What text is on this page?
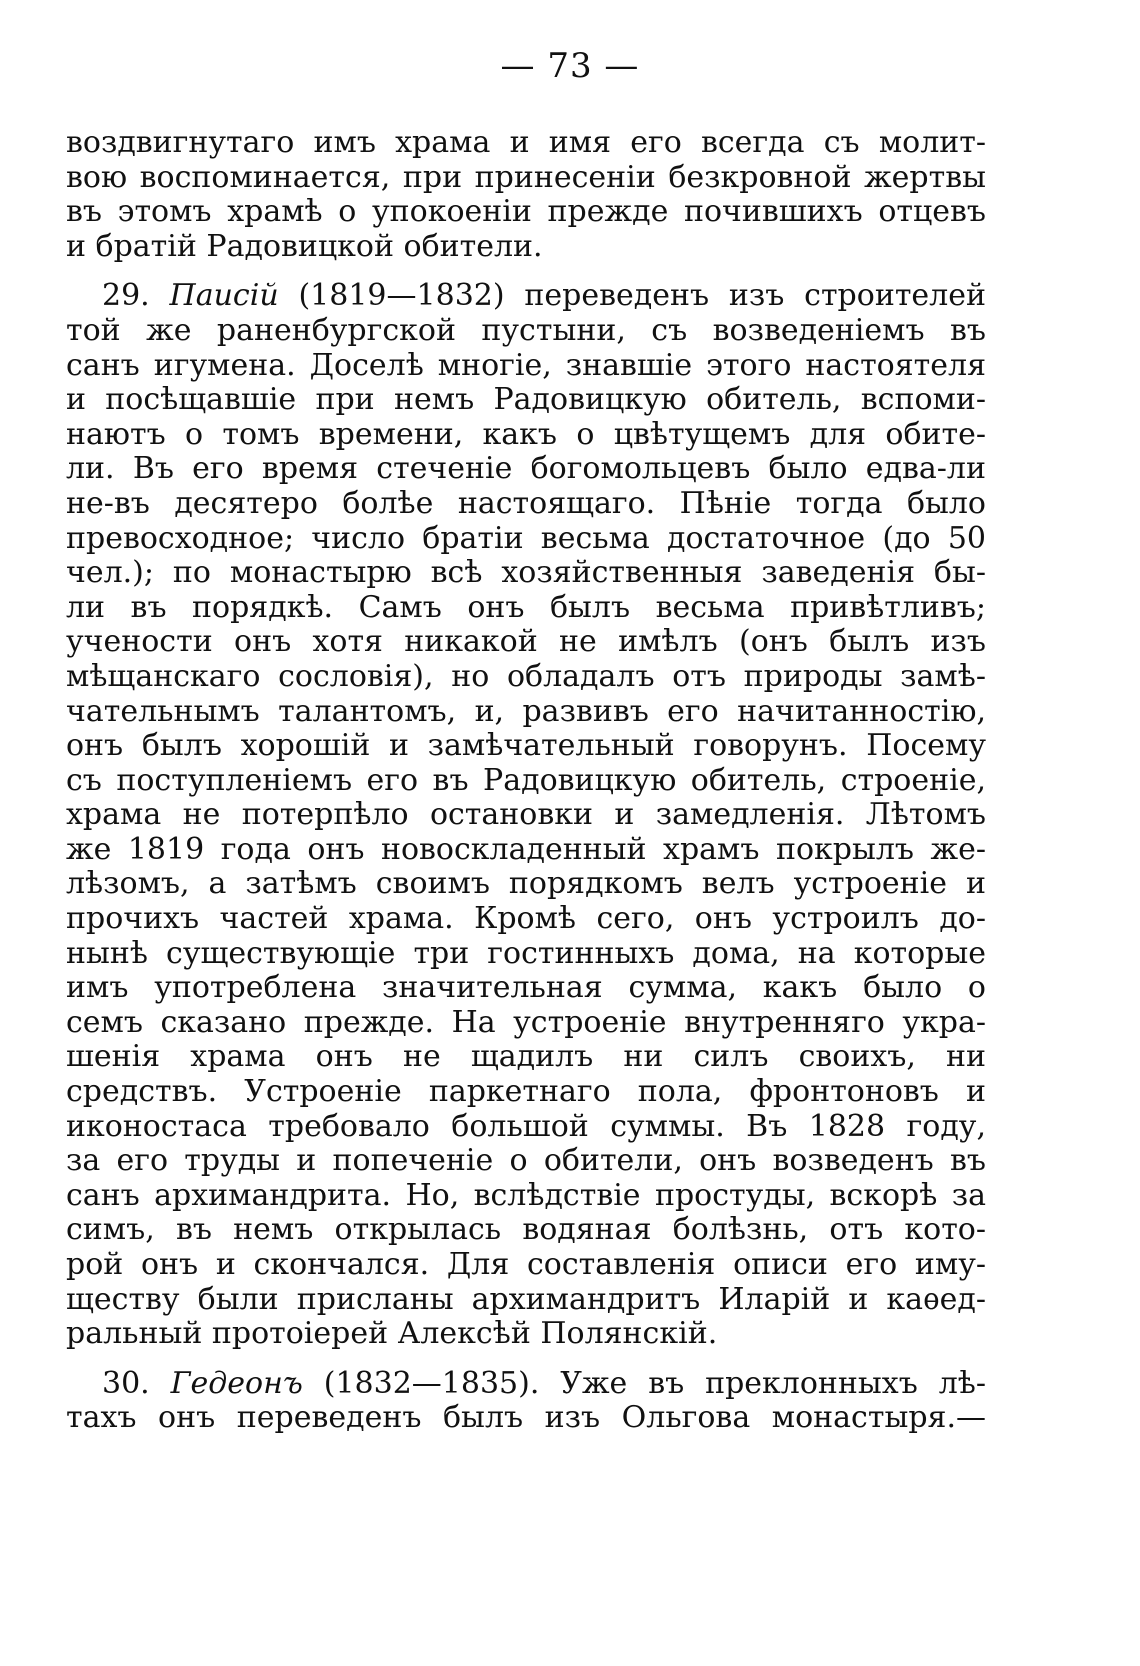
— 73 —
воздвигнутаго имъ храма и имя его всегда съ молит-
вою воспоминается, при принесеніи безкровной жертвы
въ этомъ храмѣ о упокоеніи прежде почившихъ отцевъ
и братій Радовицкой обители.
29. Паисій (1819—1832) переведенъ изъ строителей
той же раненбургской пустыни, съ возведеніемъ въ
санъ игумена. Доселѣ многіе, знавшіе этого настоятеля
и посѣщавшіе при немъ Радовицкую обитель, вспоми-
наютъ о томъ времени, какъ о цвѣтущемъ для обите-
ли. Въ его время стеченіе богомольцевъ было едва-ли
не-въ десятеро болѣе настоящаго. Пѣніе тогда было
превосходное; число братіи весьма достаточное (до 50
чел.); по монастырю всѣ хозяйственныя заведенія бы-
ли въ порядкѣ. Самъ онъ былъ весьма привѣтливъ;
учености онъ хотя никакой не имѣлъ (онъ былъ изъ
мѣщанскаго сословія), но обладалъ отъ природы замѣ-
чательнымъ талантомъ, и, развивъ его начитанностію,
онъ былъ хорошій и замѣчательный говорунъ. Посему
съ поступленіемъ его въ Радовицкую обитель, строеніе,
храма не потерпѣло остановки и замедленія. Лѣтомъ
же 1819 года онъ новоскладенный храмъ покрылъ же-
лѣзомъ, а затѣмъ своимъ порядкомъ велъ устроеніе и
прочихъ частей храма. Кромѣ сего, онъ устроилъ до-
нынѣ существующіе три гостинныхъ дома, на которые
имъ употреблена значительная сумма, какъ было о
семъ сказано прежде. На устроеніе внутренняго укра-
шенія храма онъ не щадилъ ни силъ своихъ, ни
средствъ. Устроеніе паркетнаго пола, фронтоновъ и
иконостаса требовало большой суммы. Въ 1828 году,
за его труды и попеченіе о обители, онъ возведенъ въ
санъ архимандрита. Но, вслѣдствіе простуды, вскорѣ за
симъ, въ немъ открылась водяная болѣзнь, отъ кото-
рой онъ и скончался. Для составленія описи его иму-
ществу были присланы архимандритъ Иларій и каѳед-
ральный протоіерей Алексѣй Полянскій.
30. Гедеонъ (1832—1835). Уже въ преклонныхъ лѣ-
тахъ онъ переведенъ былъ изъ Ольгова монастыря.—
